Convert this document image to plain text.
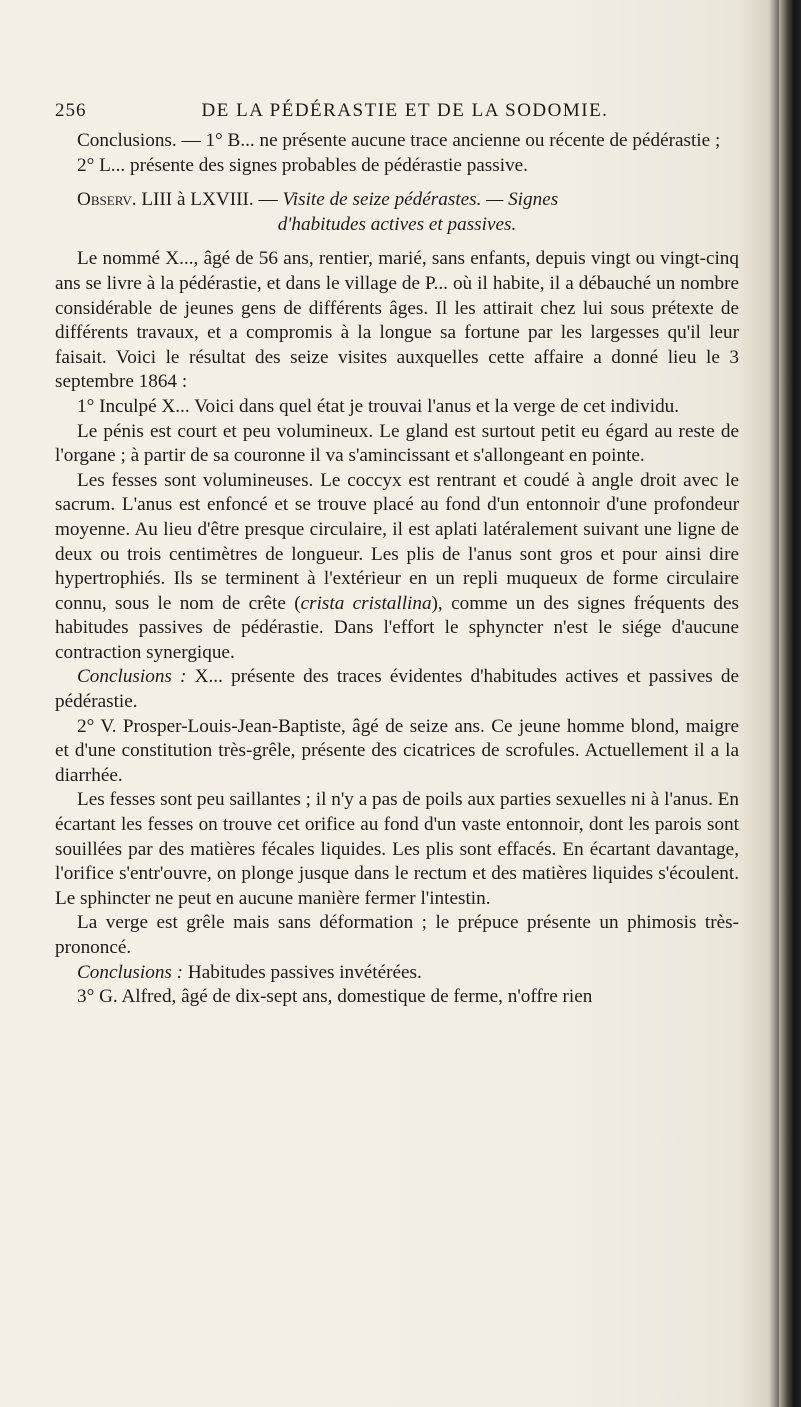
256	DE LA PÉDÉRASTIE ET DE LA SODOMIE.

Conclusions. — 1° B... ne présente aucune trace ancienne ou récente de pédérastie ;

2° L... présente des signes probables de pédérastie passive.

Observ. LIII à LXVIII. — Visite de seize pédérastes. — Signes

d'habitudes actives et passives.

Le nommé X..., âgé de 56 ans, rentier, marié, sans enfants, depuis vingt ou vingt-cinq ans se livre à la pédérastie, et dans le village de P... où il habite, il a débauché un nombre considérable de jeunes gens de différents âges. Il les attirait chez lui sous prétexte de différents travaux, et a compromis à la longue sa fortune par les largesses qu'il leur faisait. Voici le résultat des seize visites auxquelles cette affaire a donné lieu le 3 septembre 1864 :

1° Inculpé X... Voici dans quel état je trouvai l'anus et la verge de cet individu.

Le pénis est court et peu volumineux. Le gland est surtout petit eu égard au reste de l'organe ; à partir de sa couronne il va s'amincissant et s'allongeant en pointe.

Les fesses sont volumineuses. Le coccyx est rentrant et coudé à angle droit avec le sacrum. L'anus est enfoncé et se trouve placé au fond d'un entonnoir d'une profondeur moyenne. Au lieu d'être presque circulaire, il est aplati latéralement suivant une ligne de deux ou trois centimètres de longueur. Les plis de l'anus sont gros et pour ainsi dire hypertrophiés. Ils se terminent à l'extérieur en un repli muqueux de forme circulaire connu, sous le nom de crête (crista cristallina), comme un des signes fréquents des habitudes passives de pédérastie. Dans l'effort le sphyncter n'est le siége d'aucune contraction synergique.

Conclusions : X... présente des traces évidentes d'habitudes actives et passives de pédérastie.

2° V. Prosper-Louis-Jean-Baptiste, âgé de seize ans. Ce jeune homme blond, maigre et d'une constitution très-grêle, présente des cicatrices de scrofules. Actuellement il a la diarrhée.

Les fesses sont peu saillantes ; il n'y a pas de poils aux parties sexuelles ni à l'anus. En écartant les fesses on trouve cet orifice au fond d'un vaste entonnoir, dont les parois sont souillées par des matières fécales liquides. Les plis sont effacés. En écartant davantage, l'orifice s'entr'ouvre, on plonge jusque dans le rectum et des matières liquides s'écoulent. Le sphincter ne peut en aucune manière fermer l'intestin.

La verge est grêle mais sans déformation ; le prépuce présente un phimosis très-prononcé.

Conclusions : Habitudes passives invétérées.

3° G. Alfred, âgé de dix-sept ans, domestique de ferme, n'offre rien
